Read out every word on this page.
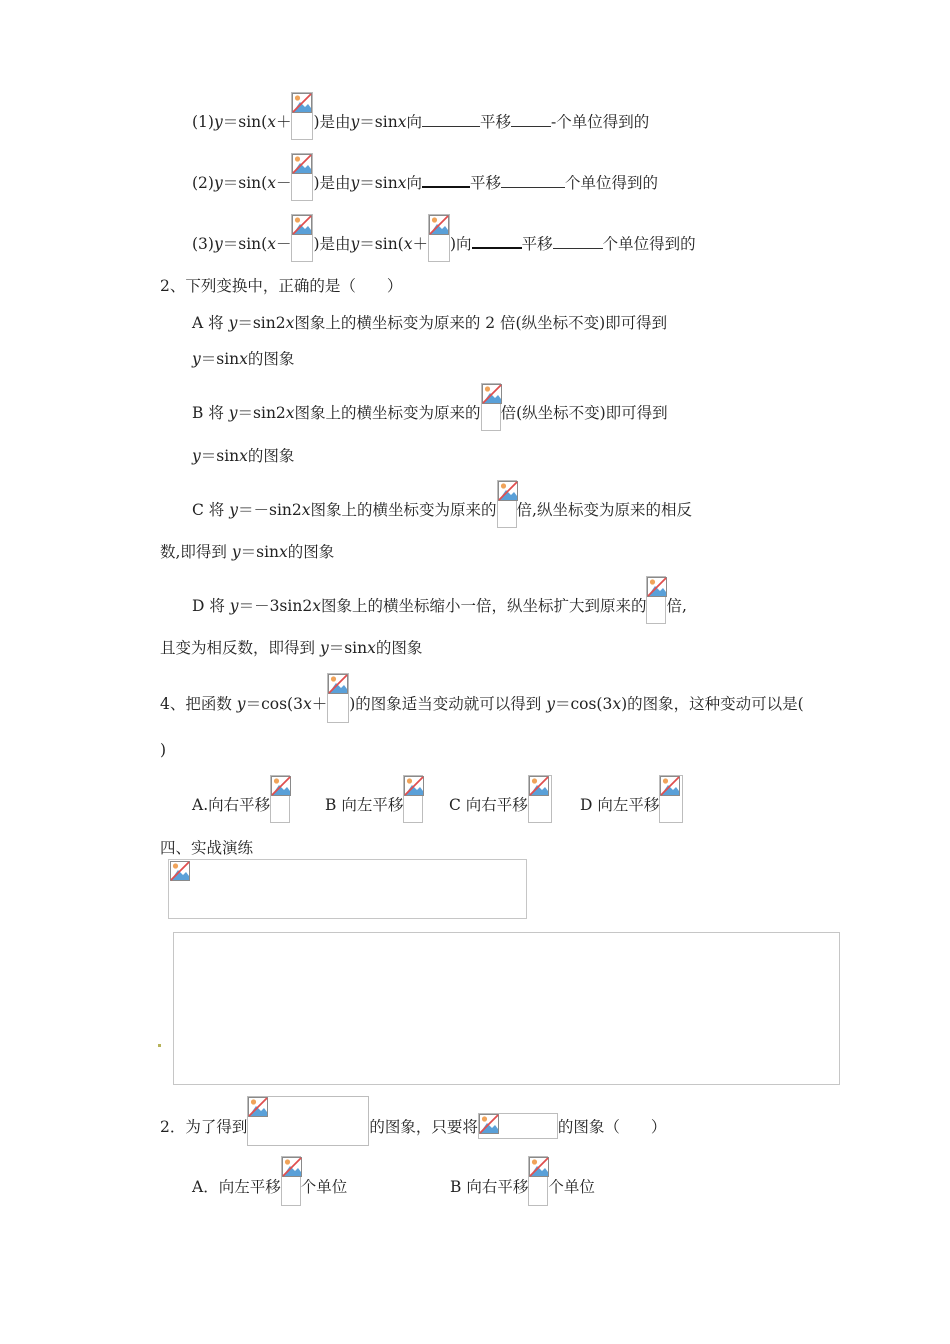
(1)y＝sin(x＋ )是由y＝sinx向	平移	-个单位得到的
(2)y＝sin(x－ )是由y＝sinx向	平移	个单位得到的
(3)y＝sin(x－ )是由y＝sin(x＋ )向	平移	个单位得到的
2、下列变换中，正确的是（　　）
A 将 y＝sin2x图象上的横坐标变为原来的 2 倍(纵坐标不变)即可得到
y＝sinx的图象
B 将 y＝sin2x图象上的横坐标变为原来的 倍(纵坐标不变)即可得到
y＝sinx的图象
C 将 y＝－sin2x图象上的横坐标变为原来的 倍,纵坐标变为原来的相反
数,即得到 y＝sinx的图象
D 将 y＝－3sin2x图象上的横坐标缩小一倍，纵坐标扩大到原来的 倍,
且变为相反数，即得到 y＝sinx的图象
4、把函数 y＝cos(3x＋ )的图象适当变动就可以得到 y＝cos(3x)的图象，这种变动可以是(
)
A.向右平移	B 向左平移	C 向右平移	D 向左平移
四、实战演练
2．为了得到	的图象，只要将	的图象（　　）
A．向左平移 个单位	B 向右平移 个单位
